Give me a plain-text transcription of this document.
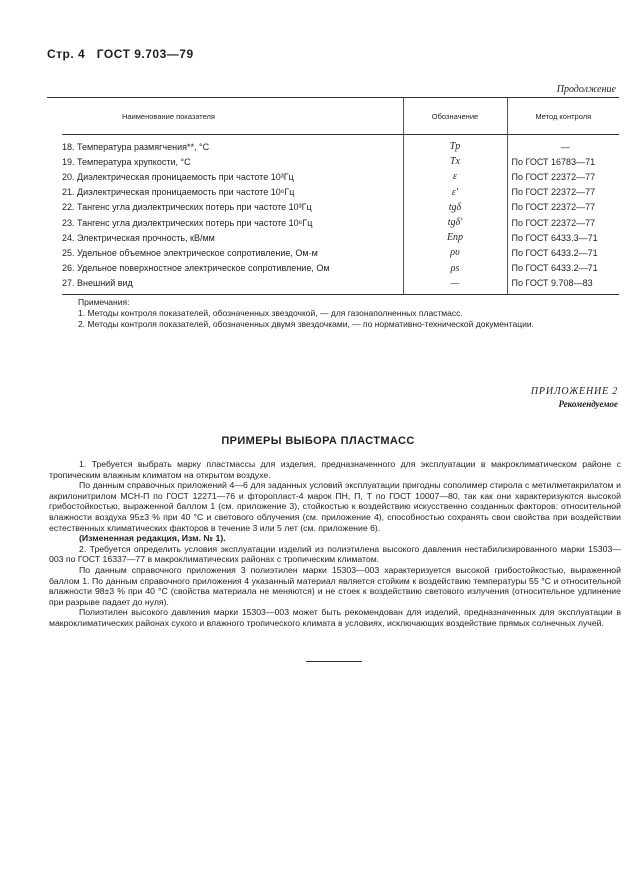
Стр. 4 ГОСТ 9.703—79
Продолжение
Наименование показателя	Обозначение	Метод контроля
18. Температура размягчения**, °С	Tр	—
19. Температура хрупкости, °С	Tx	По ГОСТ 16783—71
20. Диэлектрическая проницаемость при частоте 10³Гц	ε	По ГОСТ 22372—77
21. Диэлектрическая проницаемость при частоте 10⁶Гц	ε′	По ГОСТ 22372—77
22. Тангенс угла диэлектрических потерь при частоте 10³Гц	tgδ	По ГОСТ 22372—77
23. Тангенс угла диэлектрических потерь при частоте 10⁶Гц	tgδ′	По ГОСТ 22372—77
24. Электрическая прочность, кВ/мм	Eпр	По ГОСТ 6433.3—71
25. Удельное объемное электрическое сопротивление, Ом·м	ρυ	По ГОСТ 6433.2—71
26. Удельное поверхностное электрическое сопротивление, Ом	ρs	По ГОСТ 6433.2—71
27. Внешний вид	—	По ГОСТ 9.708—83
Примечания:
1. Методы контроля показателей, обозначенных звездочкой, — для газонаполненных пластмасс.
2. Методы контроля показателей, обозначенных двумя звездочками, — по нормативно-технической документации.
ПРИЛОЖЕНИЕ 2
Рекомендуемое
ПРИМЕРЫ ВЫБОРА ПЛАСТМАСС

1. Требуется выбрать марку пластмассы для изделия, предназначенного для эксплуатации в макроклиматическом районе с тропическим влажным климатом на открытом воздухе.

По данным справочных приложений 4—6 для заданных условий эксплуатации пригодны сополимер стирола с метилметакрилатом и акрилонитрилом МСН-П по ГОСТ 12271—76 и фторопласт-4 марок ПН, П, Т по ГОСТ 10007—80, так как они характеризуются высокой грибостойкостью, выраженной баллом 1 (см. приложение 3), стойкостью к воздействию искусственно созданных факторов: относительной влажности воздуха 95±3 % при 40 °С и светового облучения (см. приложение 4), способностью сохранять свои свойства при воздействии естественных климатических факторов в течение 3 или 5 лет (см. приложение 6).

(Измененная редакция, Изм. № 1).

2. Требуется определить условия эксплуатации изделий из полиэтилена высокого давления нестабилизированного марки 15303—003 по ГОСТ 16337—77 в макроклиматических районах с тропическим климатом.

По данным справочного приложения 3 полиэтилен марки 15303—003 характеризуется высокой грибостойкостью, выраженной баллом 1. По данным справочного приложения 4 указанный материал является стойким к воздействию температуры 55 °С и относительной влажности 98±3 % при 40 °С (свойства материала не меняются) и не стоек к воздействию светового излучения (относительное удлинение при разрыве падает до нуля).

Полиэтилен высокого давления марки 15303—003 может быть рекомендован для изделий, предназначенных для эксплуатации в макроклиматических районах сухого и влажного тропического климата в условиях, исключающих воздействие прямых солнечных лучей.
